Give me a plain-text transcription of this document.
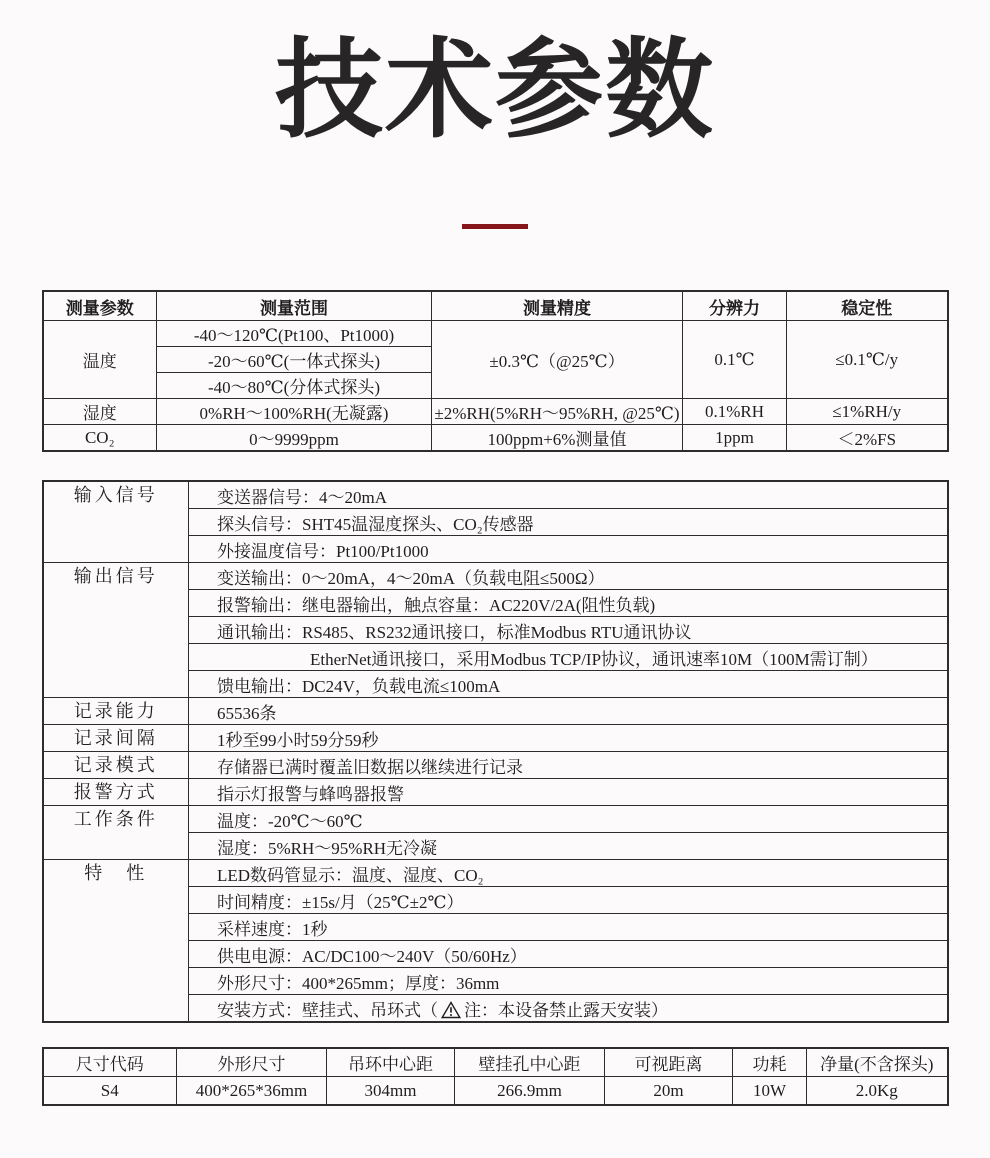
技术参数
测量参数	测量范围	测量精度	分辨力	稳定性
温度	-40～120℃(Pt100、Pt1000)	±0.3℃（@25℃）	0.1℃	≤0.1℃/y
	-20～60℃(一体式探头)			
	-40～80℃(分体式探头)			
湿度	0%RH～100%RH(无凝露)	±2%RH(5%RH～95%RH, @25℃)	0.1%RH	≤1%RH/y
CO₂	0～9999ppm	100ppm+6%测量值	1ppm	＜2%FS
输入信号	变送器信号：4～20mA
	探头信号：SHT45温湿度探头、CO₂传感器
	外接温度信号：Pt100/Pt1000
输出信号	变送输出：0～20mA，4～20mA（负载电阻≤500Ω）
	报警输出：继电器输出，触点容量：AC220V/2A(阻性负载)
	通讯输出：RS485、RS232通讯接口，标准Modbus RTU通讯协议
	EtherNet通讯接口，采用Modbus TCP/IP协议，通讯速率10M（100M需订制）
	馈电输出：DC24V，负载电流≤100mA
记录能力	65536条
记录间隔	1秒至99小时59分59秒
记录模式	存储器已满时覆盖旧数据以继续进行记录
报警方式	指示灯报警与蜂鸣器报警
工作条件	温度：-20℃～60℃
	湿度：5%RH～95%RH无冷凝
特　性	LED数码管显示：温度、湿度、CO₂
	时间精度：±15s/月（25℃±2℃）
	采样速度：1秒
	供电电源：AC/DC100～240V（50/60Hz）
	外形尺寸：400*265mm；厚度：36mm
	安装方式：壁挂式、吊环式（ 注：本设备禁止露天安装）
尺寸代码	外形尺寸	吊环中心距	壁挂孔中心距	可视距离	功耗	净量(不含探头)
S4	400*265*36mm	304mm	266.9mm	20m	10W	2.0Kg
